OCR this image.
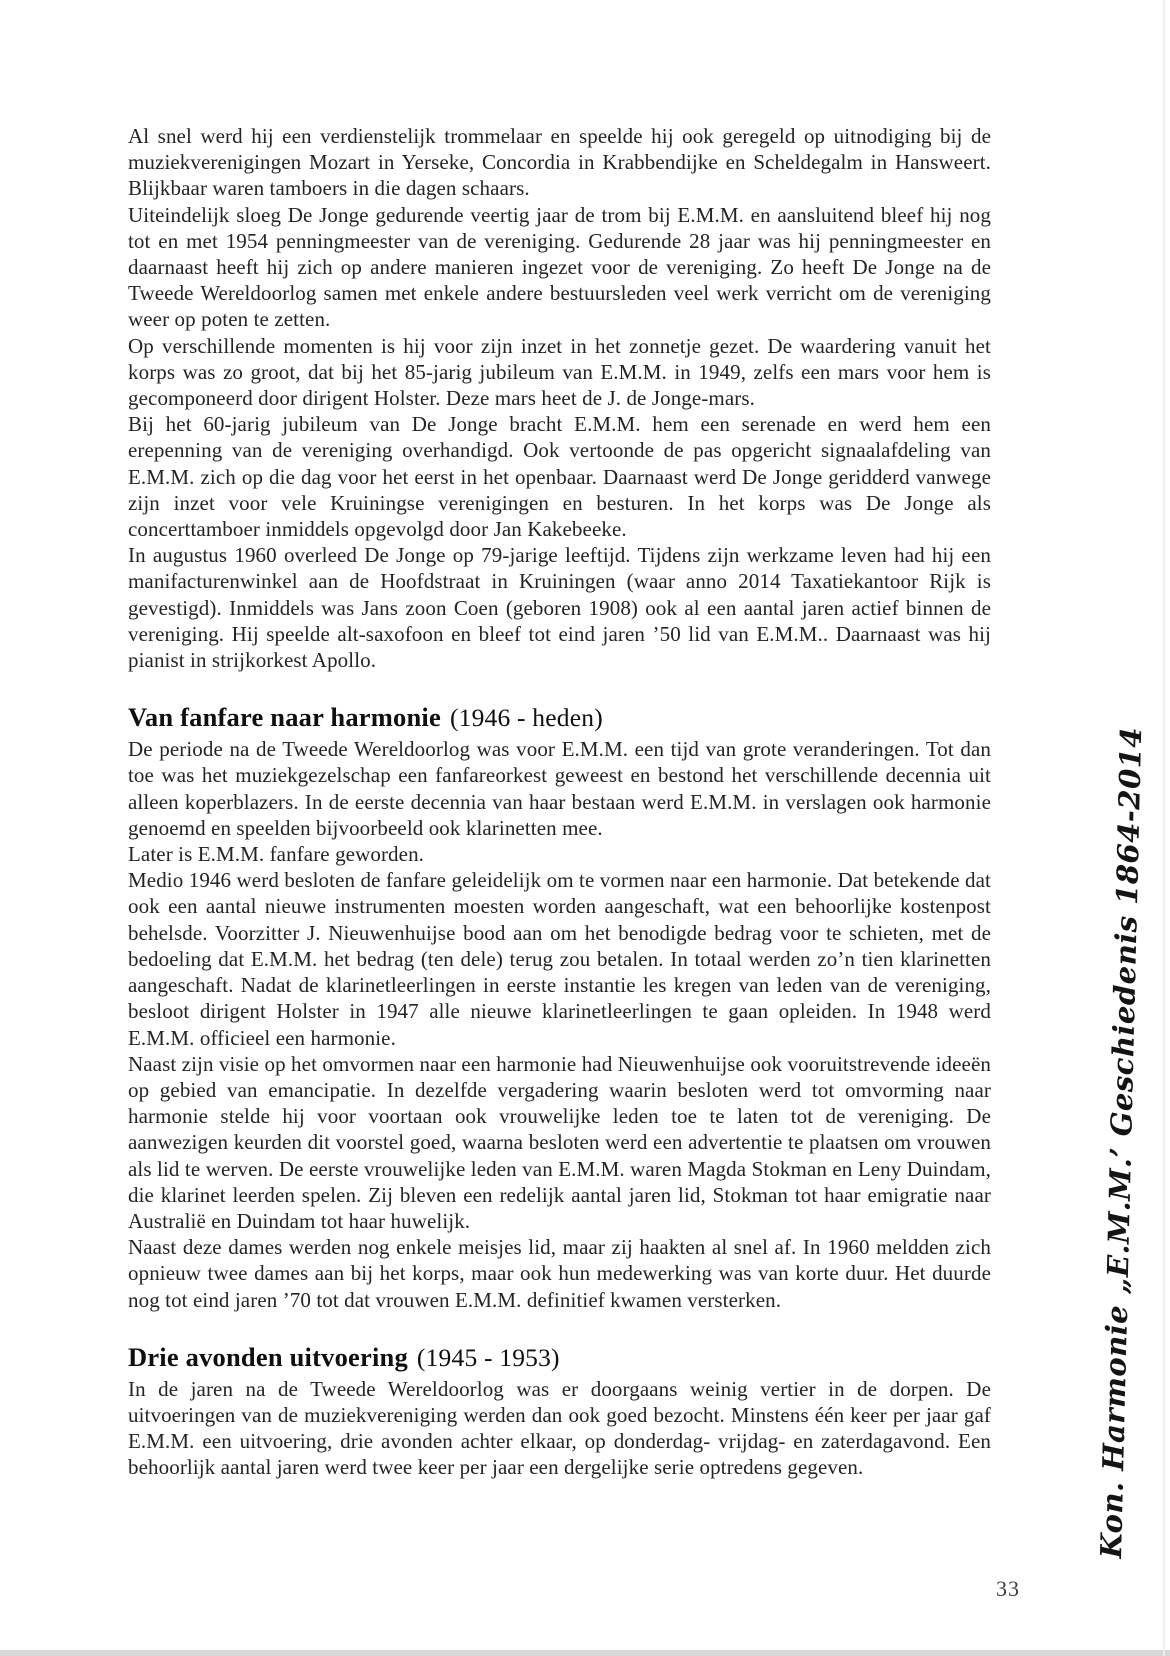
Al snel werd hij een verdienstelijk trommelaar en speelde hij ook geregeld op uitnodiging bij de muziekverenigingen Mozart in Yerseke, Concordia in Krabbendijke en Scheldegalm in Hansweert. Blijkbaar waren tamboers in die dagen schaars.

Uiteindelijk sloeg De Jonge gedurende veertig jaar de trom bij E.M.M. en aansluitend bleef hij nog tot en met 1954 penningmeester van de vereniging. Gedurende 28 jaar was hij penningmeester en daarnaast heeft hij zich op andere manieren ingezet voor de vereniging. Zo heeft De Jonge na de Tweede Wereldoorlog samen met enkele andere bestuursleden veel werk verricht om de vereniging weer op poten te zetten.

Op verschillende momenten is hij voor zijn inzet in het zonnetje gezet. De waardering vanuit het korps was zo groot, dat bij het 85-jarig jubileum van E.M.M. in 1949, zelfs een mars voor hem is gecomponeerd door dirigent Holster. Deze mars heet de J. de Jonge-mars.

Bij het 60-jarig jubileum van De Jonge bracht E.M.M. hem een serenade en werd hem een erepenning van de vereniging overhandigd. Ook vertoonde de pas opgericht signaalafdeling van E.M.M. zich op die dag voor het eerst in het openbaar. Daarnaast werd De Jonge geridderd vanwege zijn inzet voor vele Kruiningse verenigingen en besturen. In het korps was De Jonge als concerttamboer inmiddels opgevolgd door Jan Kakebeeke.

In augustus 1960 overleed De Jonge op 79-jarige leeftijd. Tijdens zijn werkzame leven had hij een manifacturenwinkel aan de Hoofdstraat in Kruiningen (waar anno 2014 Taxatiekantoor Rijk is gevestigd). Inmiddels was Jans zoon Coen (geboren 1908) ook al een aantal jaren actief binnen de vereniging. Hij speelde alt-saxofoon en bleef tot eind jaren ’50 lid van E.M.M.. Daarnaast was hij pianist in strijkorkest Apollo.

Van fanfare naar harmonie (1946 - heden)

De periode na de Tweede Wereldoorlog was voor E.M.M. een tijd van grote veranderingen. Tot dan toe was het muziekgezelschap een fanfareorkest geweest en bestond het verschillende decennia uit alleen koperblazers. In de eerste decennia van haar bestaan werd E.M.M. in verslagen ook harmonie genoemd en speelden bijvoorbeeld ook klarinetten mee.

Later is E.M.M. fanfare geworden.

Medio 1946 werd besloten de fanfare geleidelijk om te vormen naar een harmonie. Dat betekende dat ook een aantal nieuwe instrumenten moesten worden aangeschaft, wat een behoorlijke kostenpost behelsde. Voorzitter J. Nieuwenhuijse bood aan om het benodigde bedrag voor te schieten, met de bedoeling dat E.M.M. het bedrag (ten dele) terug zou betalen. In totaal werden zo’n tien klarinetten aangeschaft. Nadat de klarinetleerlingen in eerste instantie les kregen van leden van de vereniging, besloot dirigent Holster in 1947 alle nieuwe klarinetleerlingen te gaan opleiden. In 1948 werd E.M.M. officieel een harmonie.

Naast zijn visie op het omvormen naar een harmonie had Nieuwenhuijse ook vooruitstrevende ideeën op gebied van emancipatie. In dezelfde vergadering waarin besloten werd tot omvorming naar harmonie stelde hij voor voortaan ook vrouwelijke leden toe te laten tot de vereniging. De aanwezigen keurden dit voorstel goed, waarna besloten werd een advertentie te plaatsen om vrouwen als lid te werven. De eerste vrouwelijke leden van E.M.M. waren Magda Stokman en Leny Duindam, die klarinet leerden spelen. Zij bleven een redelijk aantal jaren lid, Stokman tot haar emigratie naar Australië en Duindam tot haar huwelijk.

Naast deze dames werden nog enkele meisjes lid, maar zij haakten al snel af. In 1960 meldden zich opnieuw twee dames aan bij het korps, maar ook hun medewerking was van korte duur. Het duurde nog tot eind jaren ’70 tot dat vrouwen E.M.M. definitief kwamen versterken.

Drie avonden uitvoering (1945 - 1953)

In de jaren na de Tweede Wereldoorlog was er doorgaans weinig vertier in de dorpen. De uitvoeringen van de muziekvereniging werden dan ook goed bezocht. Minstens één keer per jaar gaf E.M.M. een uitvoering, drie avonden achter elkaar, op donderdag- vrijdag- en zaterdagavond. Een behoorlijk aantal jaren werd twee keer per jaar een dergelijke serie optredens gegeven.	Kon. Harmonie „E.M.M.’ Geschiedenis 1864-2014
33
